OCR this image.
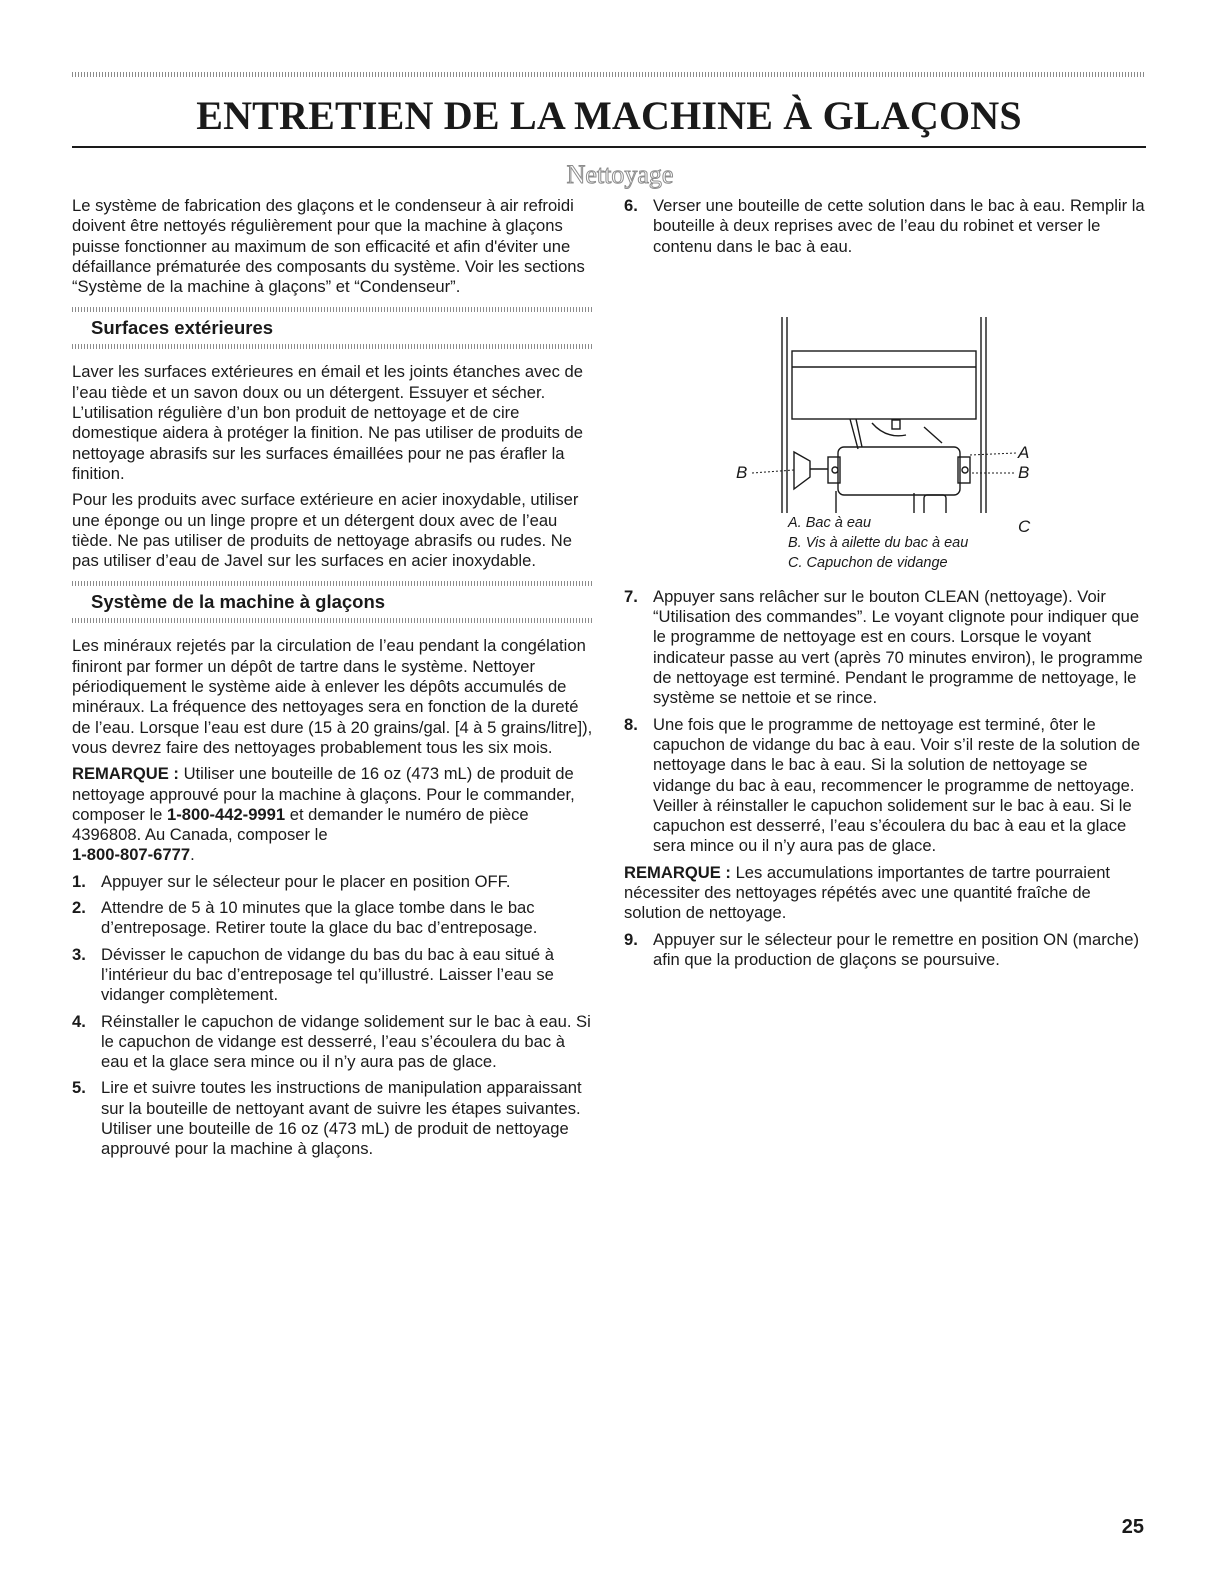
ENTRETIEN DE LA MACHINE À GLAÇONS
Nettoyage

Le système de fabrication des glaçons et le condenseur à air refroidi doivent être nettoyés régulièrement pour que la machine à glaçons puisse fonctionner au maximum de son efficacité et afin d'éviter une défaillance prématurée des composants du système. Voir les sections “Système de la machine à glaçons” et “Condenseur”.

Surfaces extérieures

Laver les surfaces extérieures en émail et les joints étanches avec de l’eau tiède et un savon doux ou un détergent. Essuyer et sécher. L’utilisation régulière d’un bon produit de nettoyage et de cire domestique aidera à protéger la finition. Ne pas utiliser de produits de nettoyage abrasifs sur les surfaces émaillées pour ne pas érafler la finition.

Pour les produits avec surface extérieure en acier inoxydable, utiliser une éponge ou un linge propre et un détergent doux avec de l’eau tiède. Ne pas utiliser de produits de nettoyage abrasifs ou rudes. Ne pas utiliser d’eau de Javel sur les surfaces en acier inoxydable.

Système de la machine à glaçons

Les minéraux rejetés par la circulation de l’eau pendant la congélation finiront par former un dépôt de tartre dans le système. Nettoyer périodiquement le système aide à enlever les dépôts accumulés de minéraux. La fréquence des nettoyages sera en fonction de la dureté de l’eau. Lorsque l’eau est dure (15 à 20 grains/gal. [4 à 5 grains/litre]), vous devrez faire des nettoyages probablement tous les six mois.

REMARQUE : Utiliser une bouteille de 16 oz (473 mL) de produit de nettoyage approuvé pour la machine à glaçons. Pour le commander, composer le 1-800-442-9991 et demander le numéro de pièce 4396808. Au Canada, composer le
1-800-807-6777.

1. Appuyer sur le sélecteur pour le placer en position OFF.
2. Attendre de 5 à 10 minutes que la glace tombe dans le bac d’entreposage. Retirer toute la glace du bac d’entreposage.
3. Dévisser le capuchon de vidange du bas du bac à eau situé à l’intérieur du bac d’entreposage tel qu’illustré. Laisser l’eau se vidanger complètement.
4. Réinstaller le capuchon de vidange solidement sur le bac à eau. Si le capuchon de vidange est desserré, l’eau s’écoulera du bac à eau et la glace sera mince ou il n’y aura pas de glace.
5. Lire et suivre toutes les instructions de manipulation apparaissant sur la bouteille de nettoyant avant de suivre les étapes suivantes. Utiliser une bouteille de 16 oz (473 mL) de produit de nettoyage approuvé pour la machine à glaçons.
6. Verser une bouteille de cette solution dans le bac à eau. Remplir la bouteille à deux reprises avec de l’eau du robinet et verser le contenu dans le bac à eau.
A
B	B
C
A. Bac à eau
B. Vis à ailette du bac à eau
C. Capuchon de vidange
7. Appuyer sans relâcher sur le bouton CLEAN (nettoyage). Voir “Utilisation des commandes”. Le voyant clignote pour indiquer que le programme de nettoyage est en cours. Lorsque le voyant indicateur passe au vert (après 70 minutes environ), le programme de nettoyage est terminé. Pendant le programme de nettoyage, le système se nettoie et se rince.
8. Une fois que le programme de nettoyage est terminé, ôter le capuchon de vidange du bac à eau. Voir s’il reste de la solution de nettoyage dans le bac à eau. Si la solution de nettoyage se vidange du bac à eau, recommencer le programme de nettoyage. Veiller à réinstaller le capuchon solidement sur le bac à eau. Si le capuchon est desserré, l’eau s’écoulera du bac à eau et la glace sera mince ou il n’y aura pas de glace.

REMARQUE : Les accumulations importantes de tartre pourraient nécessiter des nettoyages répétés avec une quantité fraîche de solution de nettoyage.

9. Appuyer sur le sélecteur pour le remettre en position ON (marche) afin que la production de glaçons se poursuive.
25
